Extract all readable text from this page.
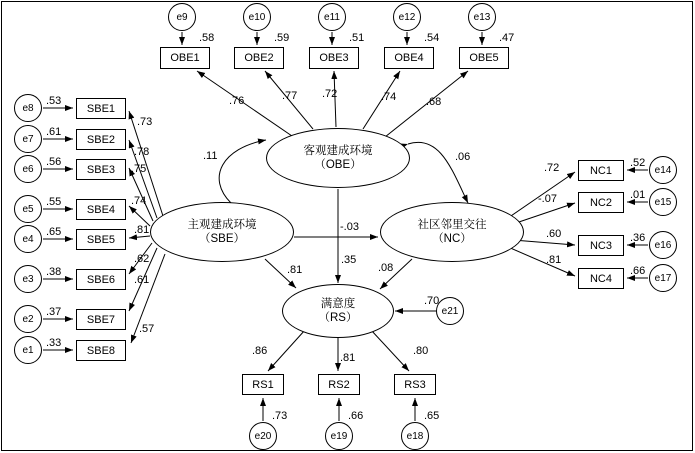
客观建成环境
（OBE）
主观建成环境
（SBE）
社区邻里交往
（NC）
满意度
（RS）
OBE1	OBE2	OBE3	OBE4	OBE5
SBE1
SBE2
SBE3
SBE4
SBE5
SBE6
SBE7
SBE8
NC1
NC2
NC3
NC4
RS1	RS2	RS3
e9	e10	e11	e12	e13
e8
e7
e6
e5
e4
e3
e2
e1
e14
e15
e16
e17
e21
e20	e19	e18
.76	.77 .72	.74	.68
.73
.78
.75
.74
.81
.62
.61
.57
.72
-.07
.60
.81
.86
.81
.80
.58	.59	.51	.54	.47
.53
.61
.56
.55
.65
.38
.37
.33
.52
.01
.36
.66
.73	.66	.65
.70
.11	.06
-.03
.81
.35
.08
